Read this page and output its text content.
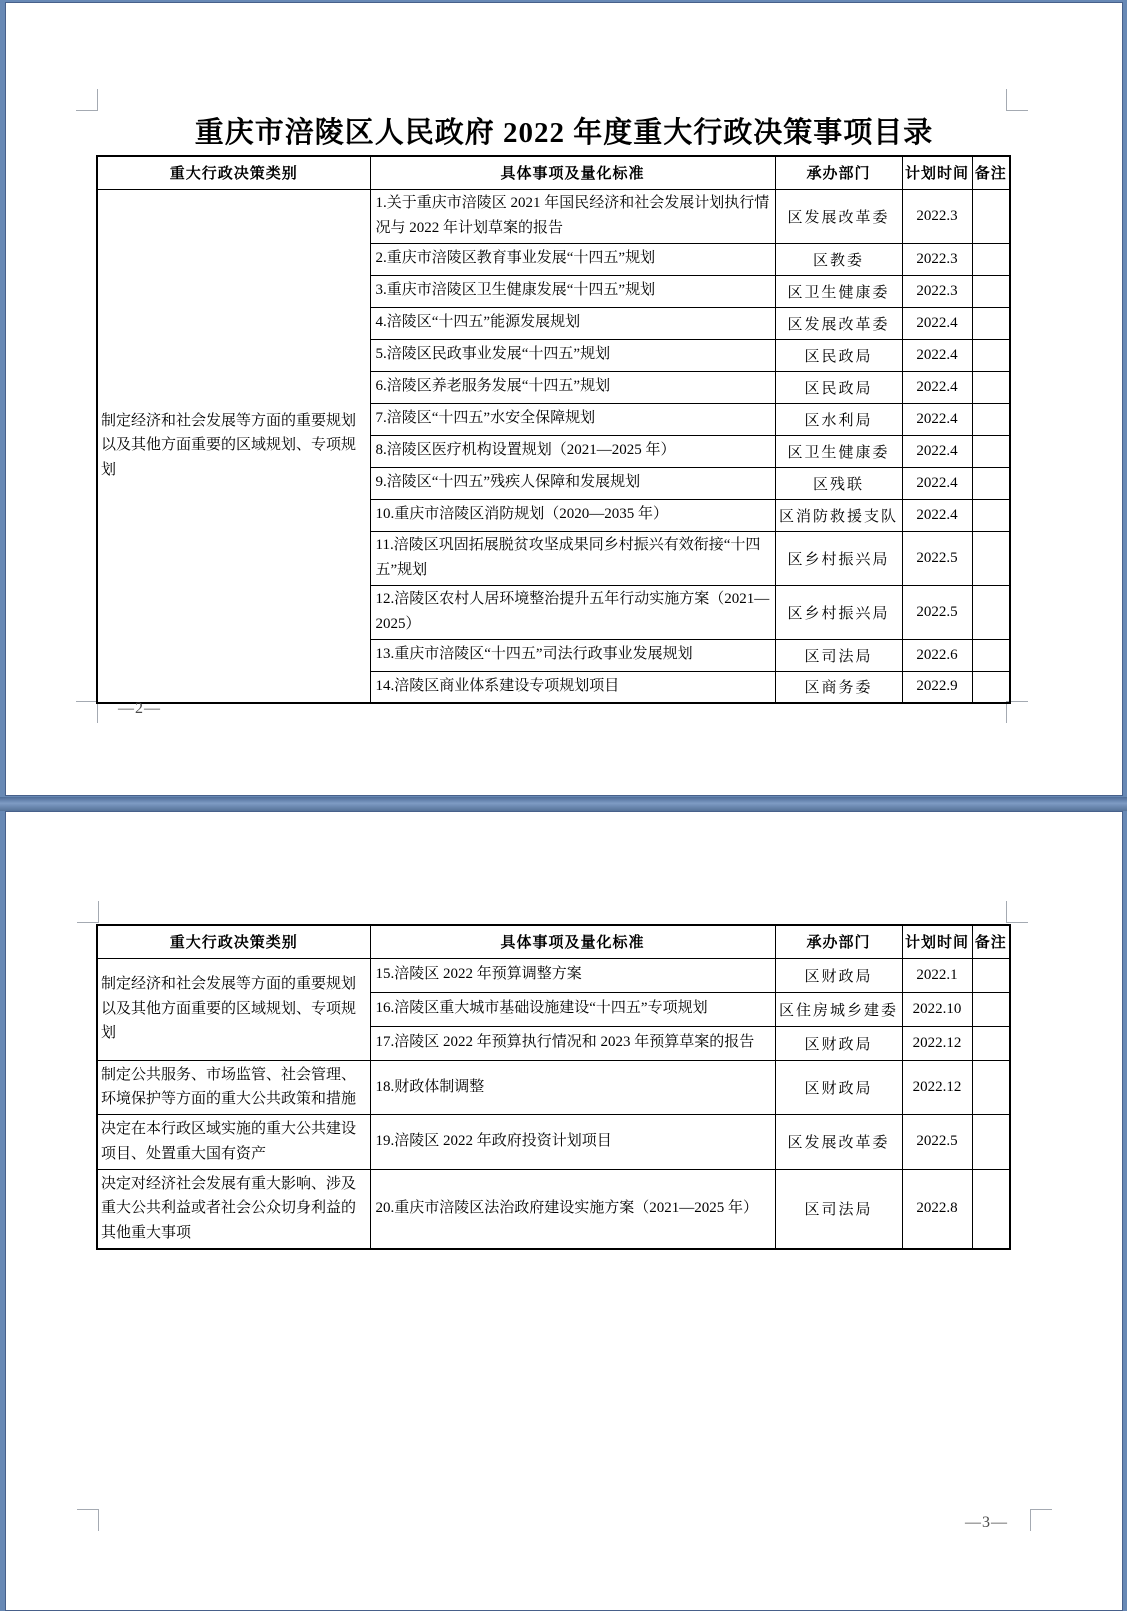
重庆市涪陵区人民政府 2022 年度重大行政决策事项目录
重大行政决策类别	具体事项及量化标准	承办部门	计划时间	备注
制定经济和社会发展等方面的重要规划以及其他方面重要的区域规划、专项规划	1.关于重庆市涪陵区 2021 年国民经济和社会发展计划执行情况与 2022 年计划草案的报告	区发展改革委	2022.3	
	2.重庆市涪陵区教育事业发展“十四五”规划	区教委	2022.3	
	3.重庆市涪陵区卫生健康发展“十四五”规划	区卫生健康委	2022.3	
	4.涪陵区“十四五”能源发展规划	区发展改革委	2022.4	
	5.涪陵区民政事业发展“十四五”规划	区民政局	2022.4	
	6.涪陵区养老服务发展“十四五”规划	区民政局	2022.4	
	7.涪陵区“十四五”水安全保障规划	区水利局	2022.4	
	8.涪陵区医疗机构设置规划（2021—2025 年）	区卫生健康委	2022.4	
	9.涪陵区“十四五”残疾人保障和发展规划	区残联	2022.4	
	10.重庆市涪陵区消防规划（2020—2035 年）	区消防救援支队	2022.4	
	11.涪陵区巩固拓展脱贫攻坚成果同乡村振兴有效衔接“十四五”规划	区乡村振兴局	2022.5	
	12.涪陵区农村人居环境整治提升五年行动实施方案（2021—2025）	区乡村振兴局	2022.5	
	13.重庆市涪陵区“十四五”司法行政事业发展规划	区司法局	2022.6	
	14.涪陵区商业体系建设专项规划项目	区商务委	2022.9	
—2—
重大行政决策类别	具体事项及量化标准	承办部门	计划时间	备注
制定经济和社会发展等方面的重要规划以及其他方面重要的区域规划、专项规划	15.涪陵区 2022 年预算调整方案	区财政局	2022.1	
	16.涪陵区重大城市基础设施建设“十四五”专项规划	区住房城乡建委	2022.10	
	17.涪陵区 2022 年预算执行情况和 2023 年预算草案的报告	区财政局	2022.12	
制定公共服务、市场监管、社会管理、环境保护等方面的重大公共政策和措施	18.财政体制调整	区财政局	2022.12	
决定在本行政区域实施的重大公共建设项目、处置重大国有资产	19.涪陵区 2022 年政府投资计划项目	区发展改革委	2022.5	
决定对经济社会发展有重大影响、涉及重大公共利益或者社会公众切身利益的其他重大事项	20.重庆市涪陵区法治政府建设实施方案（2021—2025 年）	区司法局	2022.8	
—3—
